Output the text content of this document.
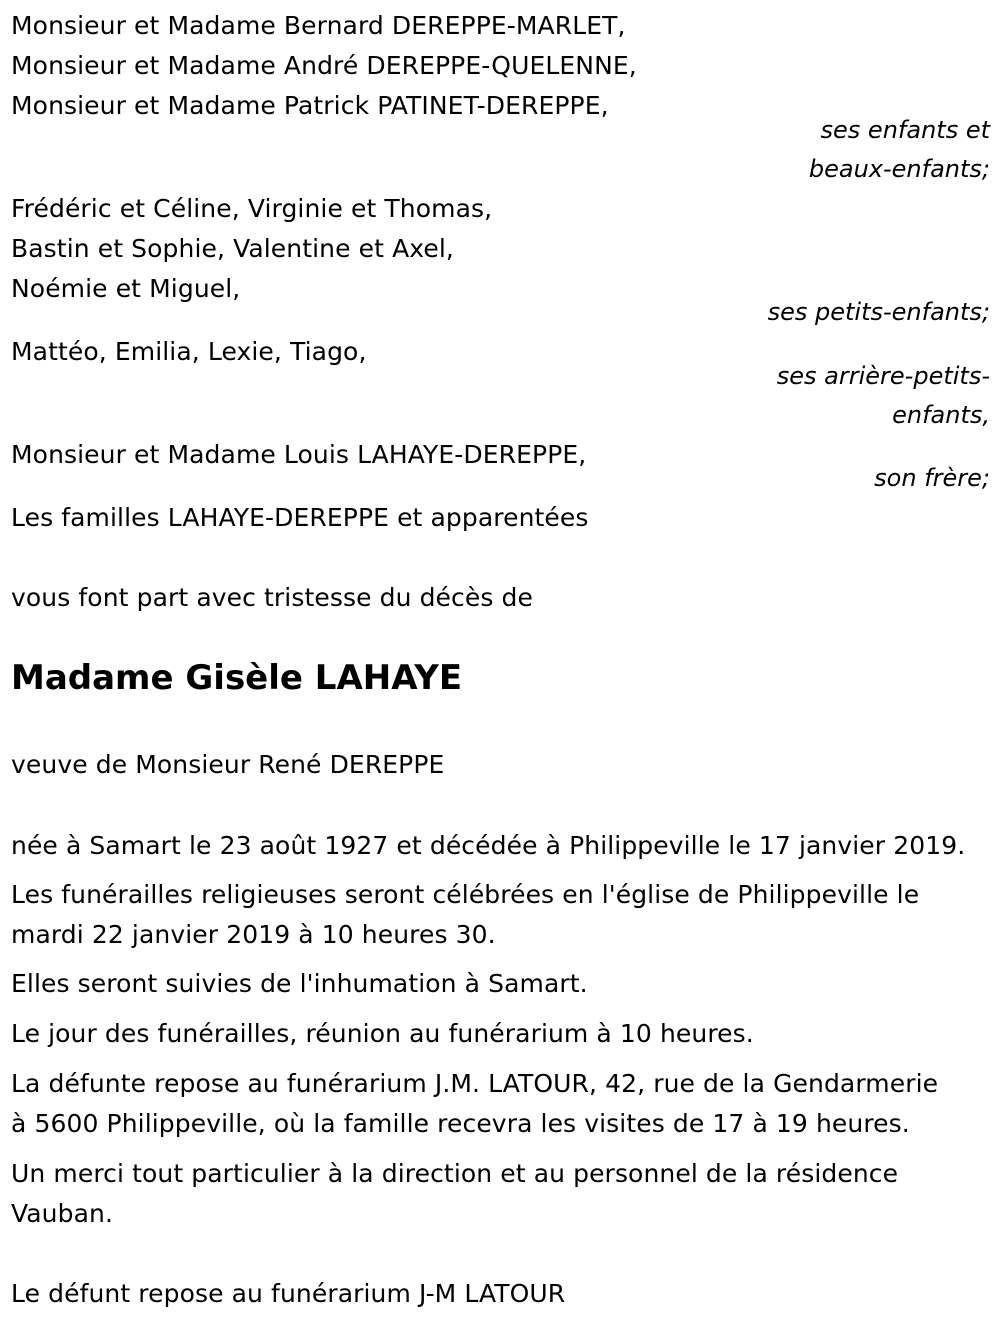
Monsieur et Madame Bernard DEREPPE-MARLET,
Monsieur et Madame André DEREPPE-QUELENNE,
Monsieur et Madame Patrick PATINET-DEREPPE,
ses enfants et
beaux-enfants;
Frédéric et Céline, Virginie et Thomas,
Bastin et Sophie, Valentine et Axel,
Noémie et Miguel,
ses petits-enfants;
Mattéo, Emilia, Lexie, Tiago,
ses arrière-petits-
enfants,
Monsieur et Madame Louis LAHAYE-DEREPPE,
son frère;
Les familles LAHAYE-DEREPPE et apparentées
vous font part avec tristesse du décès de
Madame Gisèle LAHAYE
veuve de Monsieur René DEREPPE
née à Samart le 23 août 1927 et décédée à Philippeville le 17 janvier 2019.
Les funérailles religieuses seront célébrées en l'église de Philippeville le
mardi 22 janvier 2019 à 10 heures 30.
Elles seront suivies de l'inhumation à Samart.
Le jour des funérailles, réunion au funérarium à 10 heures.
La défunte repose au funérarium J.M. LATOUR, 42, rue de la Gendarmerie
à 5600 Philippeville, où la famille recevra les visites de 17 à 19 heures.
Un merci tout particulier à la direction et au personnel de la résidence
Vauban.
Le défunt repose au funérarium J-M LATOUR
